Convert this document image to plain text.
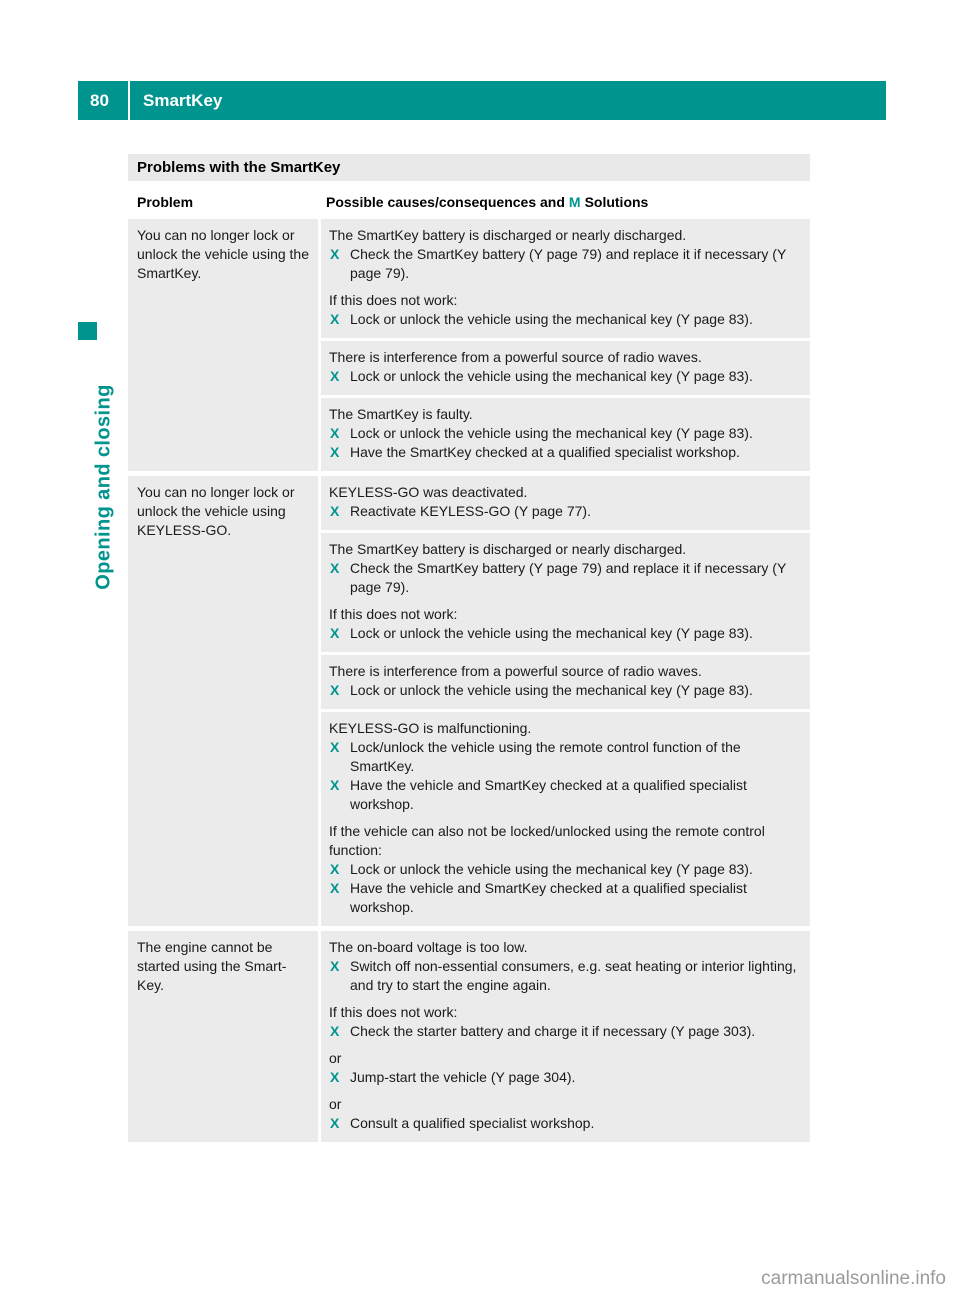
80	SmartKey
Opening and closing
Problems with the SmartKey
Problem	Possible causes/consequences and M Solutions
You can no longer lock or unlock the vehicle using the SmartKey.
The SmartKey battery is discharged or nearly discharged.
X Check the SmartKey battery (Y page 79) and replace it if necessary (Y page 79).
If this does not work:
X Lock or unlock the vehicle using the mechanical key (Y page 83).
There is interference from a powerful source of radio waves.
X Lock or unlock the vehicle using the mechanical key (Y page 83).
The SmartKey is faulty.
X Lock or unlock the vehicle using the mechanical key (Y page 83).
X Have the SmartKey checked at a qualified specialist workshop.
You can no longer lock or unlock the vehicle using KEYLESS-GO.
KEYLESS-GO was deactivated.
X Reactivate KEYLESS-GO (Y page 77).
The SmartKey battery is discharged or nearly discharged.
X Check the SmartKey battery (Y page 79) and replace it if necessary (Y page 79).
If this does not work:
X Lock or unlock the vehicle using the mechanical key (Y page 83).
There is interference from a powerful source of radio waves.
X Lock or unlock the vehicle using the mechanical key (Y page 83).
KEYLESS-GO is malfunctioning.
X Lock/unlock the vehicle using the remote control function of the SmartKey.
X Have the vehicle and SmartKey checked at a qualified specialist workshop.
If the vehicle can also not be locked/unlocked using the remote control function:
X Lock or unlock the vehicle using the mechanical key (Y page 83).
X Have the vehicle and SmartKey checked at a qualified specialist workshop.
The engine cannot be started using the Smart-Key.
The on-board voltage is too low.
X Switch off non-essential consumers, e.g. seat heating or interior lighting, and try to start the engine again.
If this does not work:
X Check the starter battery and charge it if necessary (Y page 303).
or
X Jump-start the vehicle (Y page 304).
or
X Consult a qualified specialist workshop.
carmanualsonline.info
